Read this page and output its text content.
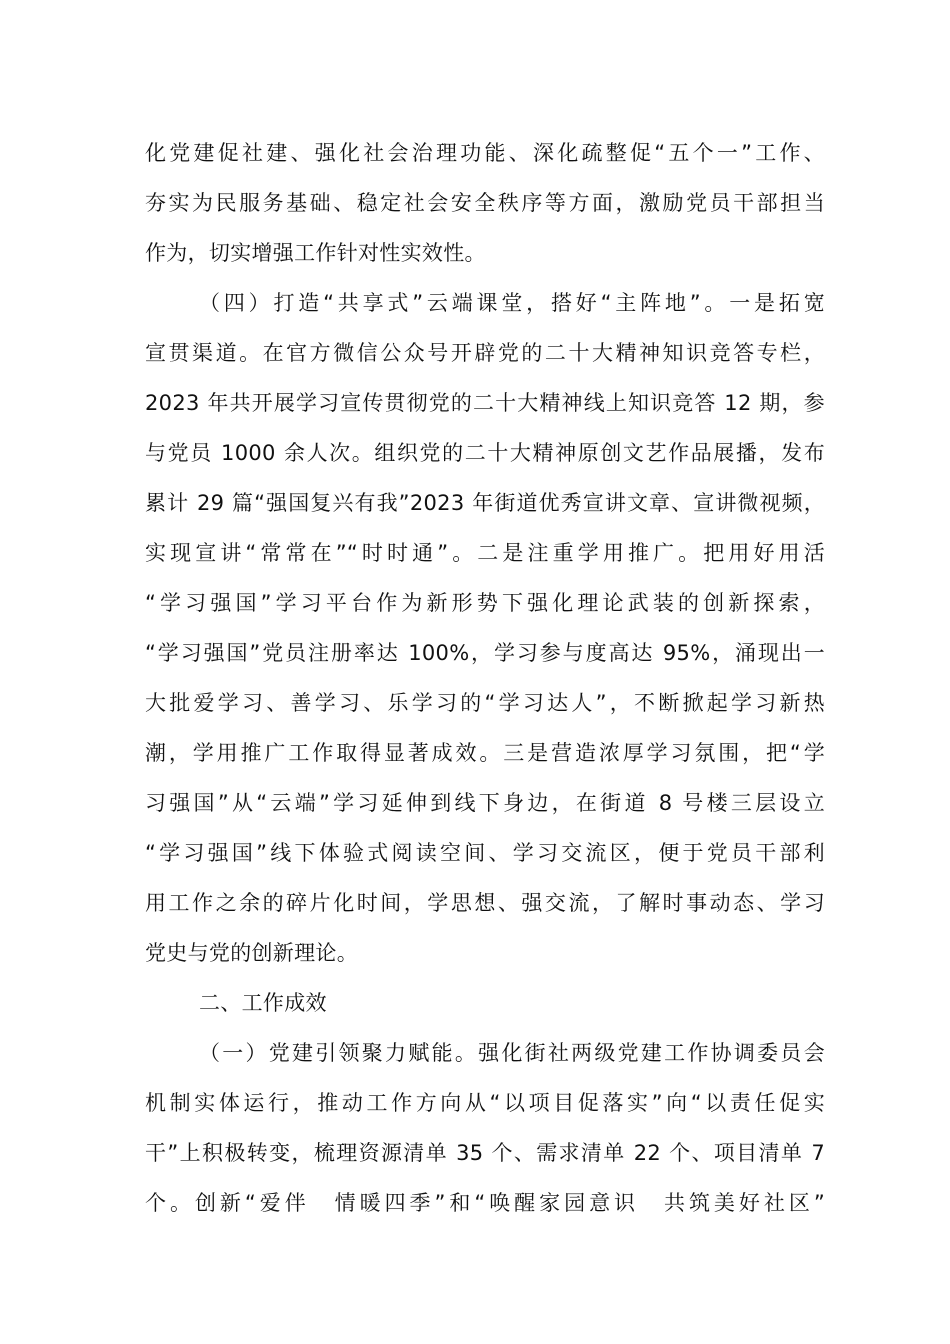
化党建促社建、强化社会治理功能、深化疏整促“五个一”工作、
夯实为民服务基础、稳定社会安全秩序等方面，激励党员干部担当
作为，切实增强工作针对性实效性。
（四）打造“共享式”云端课堂，搭好“主阵地”。一是拓宽
宣贯渠道。在官方微信公众号开辟党的二十大精神知识竞答专栏，
2023 年共开展学习宣传贯彻党的二十大精神线上知识竞答 12 期，参
与党员 1000 余人次。组织党的二十大精神原创文艺作品展播，发布
累计 29 篇“强国复兴有我”2023 年街道优秀宣讲文章、宣讲微视频，
实现宣讲“常常在”“时时通”。二是注重学用推广。把用好用活
“学习强国”学习平台作为新形势下强化理论武装的创新探索，
“学习强国”党员注册率达 100%，学习参与度高达 95%，涌现出一
大批爱学习、善学习、乐学习的“学习达人”，不断掀起学习新热
潮，学用推广工作取得显著成效。三是营造浓厚学习氛围，把“学
习强国”从“云端”学习延伸到线下身边，在街道 8 号楼三层设立
“学习强国”线下体验式阅读空间、学习交流区，便于党员干部利
用工作之余的碎片化时间，学思想、强交流，了解时事动态、学习
党史与党的创新理论。
二、工作成效
（一）党建引领聚力赋能。强化街社两级党建工作协调委员会
机制实体运行，推动工作方向从“以项目促落实”向“以责任促实
干”上积极转变，梳理资源清单 35 个、需求清单 22 个、项目清单 7
个。创新“爱伴　情暖四季”和“唤醒家园意识　共筑美好社区”
